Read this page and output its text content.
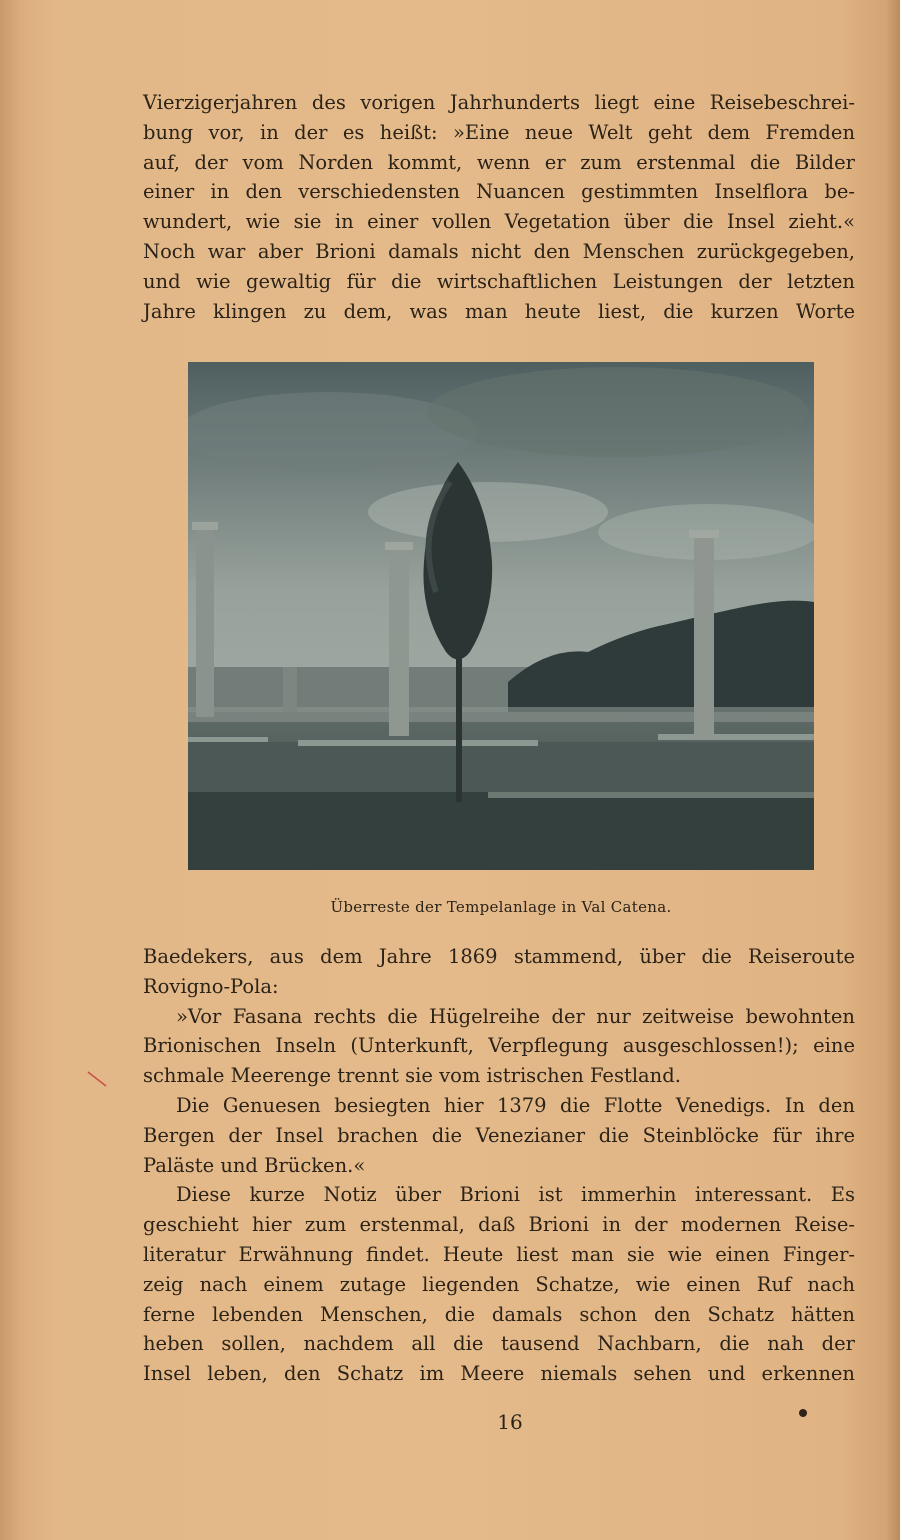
Vierzigerjahren des vorigen Jahrhunderts liegt eine Reisebeschrei-
bung vor, in der es heißt: »Eine neue Welt geht dem Fremden
auf, der vom Norden kommt, wenn er zum erstenmal die Bilder
einer in den verschiedensten Nuancen gestimmten Inselflora be-
wundert, wie sie in einer vollen Vegetation über die Insel zieht.«
Noch war aber Brioni damals nicht den Menschen zurückgegeben,
und wie gewaltig für die wirtschaftlichen Leistungen der letzten
Jahre klingen zu dem, was man heute liest, die kurzen Worte
Überreste der Tempelanlage in Val Catena.
Baedekers, aus dem Jahre 1869 stammend, über die Reiseroute
Rovigno-Pola:
»Vor Fasana rechts die Hügelreihe der nur zeitweise bewohnten
Brionischen Inseln (Unterkunft, Verpflegung ausgeschlossen!); eine
schmale Meerenge trennt sie vom istrischen Festland.
Die Genuesen besiegten hier 1379 die Flotte Venedigs. In den
Bergen der Insel brachen die Venezianer die Steinblöcke für ihre
Paläste und Brücken.«
Diese kurze Notiz über Brioni ist immerhin interessant. Es
geschieht hier zum erstenmal, daß Brioni in der modernen Reise-
literatur Erwähnung findet. Heute liest man sie wie einen Finger-
zeig nach einem zutage liegenden Schatze, wie einen Ruf nach
ferne lebenden Menschen, die damals schon den Schatz hätten
heben sollen, nachdem all die tausend Nachbarn, die nah der
Insel leben, den Schatz im Meere niemals sehen und erkennen
16
